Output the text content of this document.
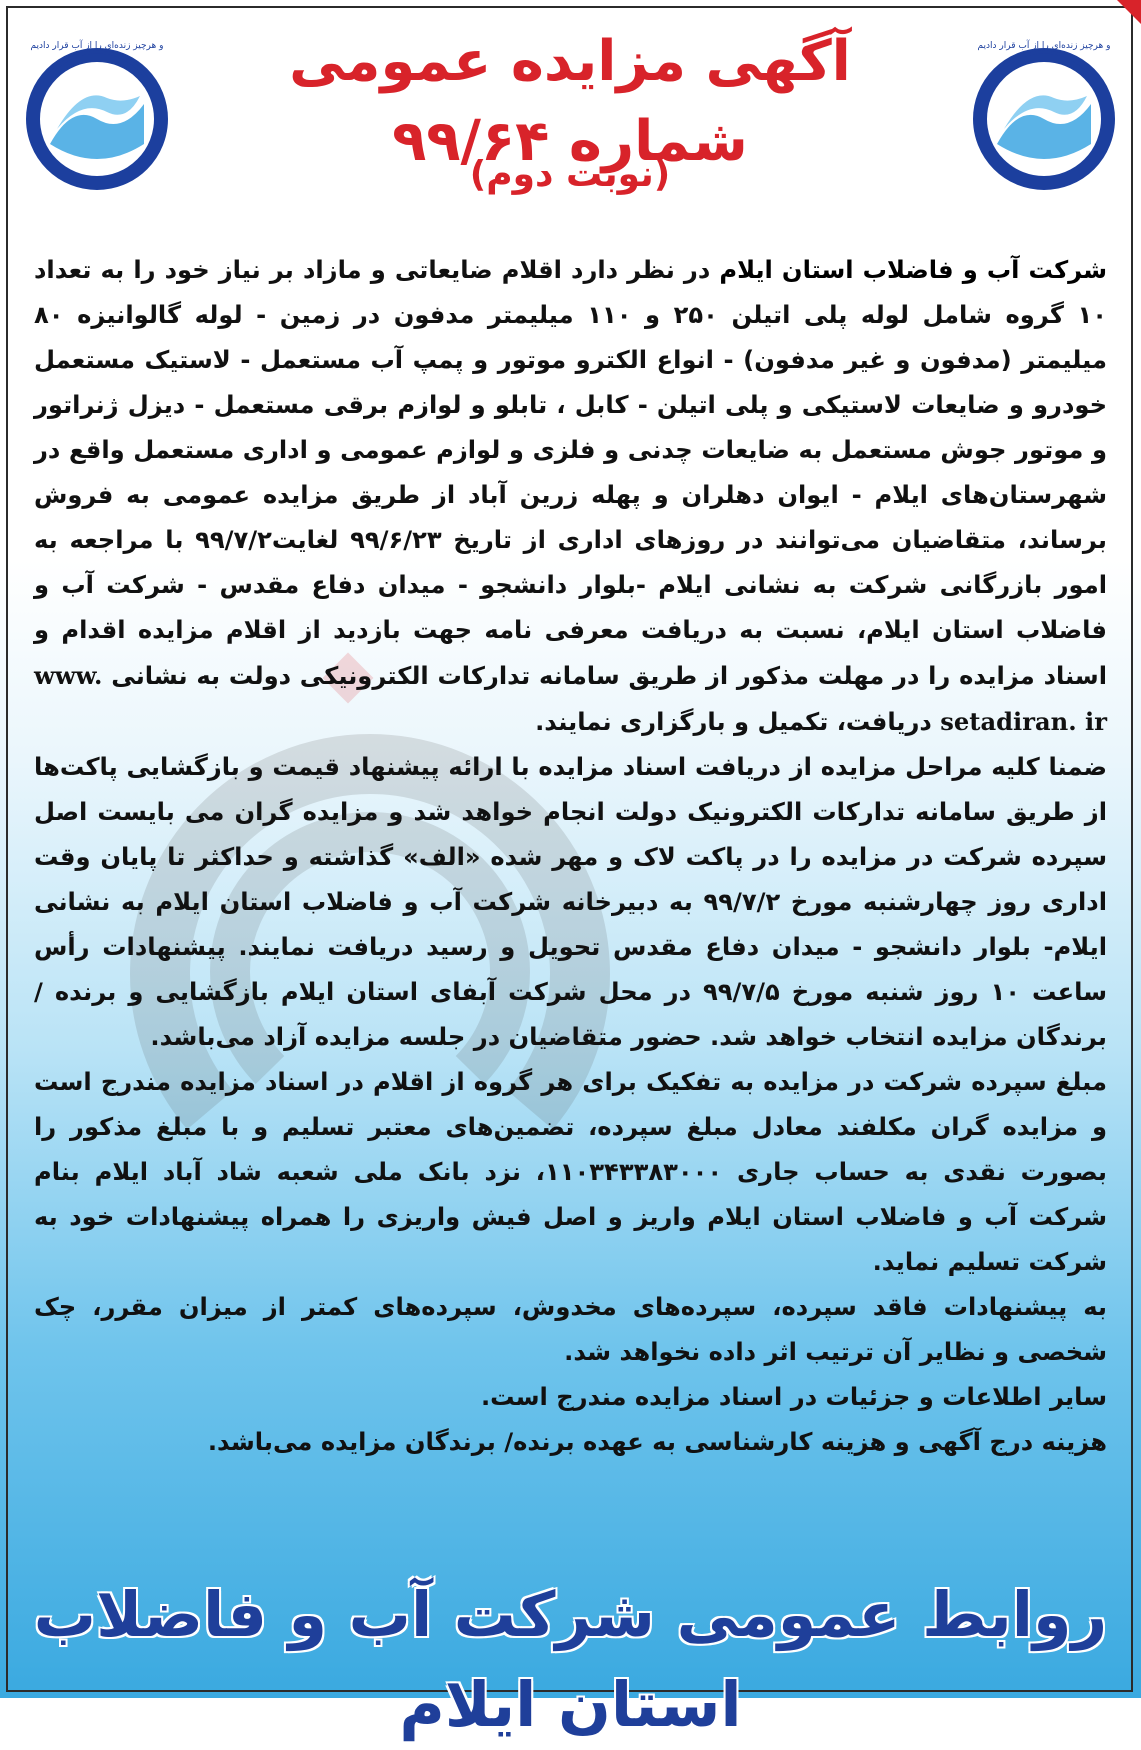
و هرچیز زنده‌ای را از آب قرار دادیم	و هرچیز زنده‌ای را از آب قرار دادیم
آگهی مزایده عمومی شماره ۹۹/۶۴
(نوبت دوم)

شرکت آب و فاضلاب استان ایلام در نظر دارد اقلام ضایعاتی و مازاد بر نیاز خود را به تعداد ۱۰ گروه شامل لوله پلی اتیلن ۲۵۰ و ۱۱۰ میلیمتر مدفون در زمین - لوله گالوانیزه ۸۰ میلیمتر (مدفون و غیر مدفون) - انواع الکترو موتور و پمپ آب مستعمل - لاستیک مستعمل خودرو و ضایعات لاستیکی و پلی اتیلن - کابل ، تابلو و لوازم برقی مستعمل - دیزل ژنراتور و موتور جوش مستعمل به ضایعات چدنی و فلزی و لوازم عمومی و اداری مستعمل واقع در شهرستان‌های ایلام - ایوان دهلران و پهله زرین آباد از طریق مزایده عمومی به فروش برساند، متقاضیان می‌توانند در روزهای اداری از تاریخ ۹۹/۶/۲۳ لغایت۹۹/۷/۲ با مراجعه به امور بازرگانی شرکت به نشانی ایلام -بلوار دانشجو - میدان دفاع مقدس - شرکت آب و فاضلاب استان ایلام، نسبت به دریافت معرفی نامه جهت بازدید از اقلام مزایده اقدام و اسناد مزایده را در مهلت مذکور از طریق سامانه تدارکات الکترونیکی دولت به نشانی www. setadiran. ir دریافت، تکمیل و بارگزاری نمایند.

ضمنا کلیه مراحل مزایده از دریافت اسناد مزایده با ارائه پیشنهاد قیمت و بازگشایی پاکت‌ها از طریق سامانه تدارکات الکترونیک دولت انجام خواهد شد و مزایده گران می بایست اصل سپرده شرکت در مزایده را در پاکت لاک و مهر شده «الف» گذاشته و حداکثر تا پایان وقت اداری روز چهارشنبه مورخ ۹۹/۷/۲ به دبیرخانه شرکت آب و فاضلاب استان ایلام به نشانی ایلام- بلوار دانشجو - میدان دفاع مقدس تحویل و رسید دریافت نمایند. پیشنهادات رأس ساعت ۱۰ روز شنبه مورخ ۹۹/۷/۵ در محل شرکت آبفای استان ایلام بازگشایی و برنده / برندگان مزایده انتخاب خواهد شد. حضور متقاضیان در جلسه مزایده آزاد می‌باشد.

مبلغ سپرده شرکت در مزایده به تفکیک برای هر گروه از اقلام در اسناد مزایده مندرج است و مزایده گران مکلفند معادل مبلغ سپرده، تضمین‌های معتبر تسلیم و با مبلغ مذکور را بصورت نقدی به حساب جاری ۱۱۰۳۴۳۳۸۳۰۰۰، نزد بانک ملی شعبه شاد آباد ایلام بنام شرکت آب و فاضلاب استان ایلام واریز و اصل فیش واریزی را همراه پیشنهادات خود به شرکت تسلیم نماید.

به پیشنهادات فاقد سپرده، سپرده‌های مخدوش، سپرده‌های کمتر از میزان مقرر، چک شخصی و نظایر آن ترتیب اثر داده نخواهد شد.

سایر اطلاعات و جزئیات در اسناد مزایده مندرج است.

هزینه درج آگهی و هزینه کارشناسی به عهده برنده/ برندگان مزایده می‌باشد.

روابط عمومی شرکت آب و فاضلاب استان ایلام
